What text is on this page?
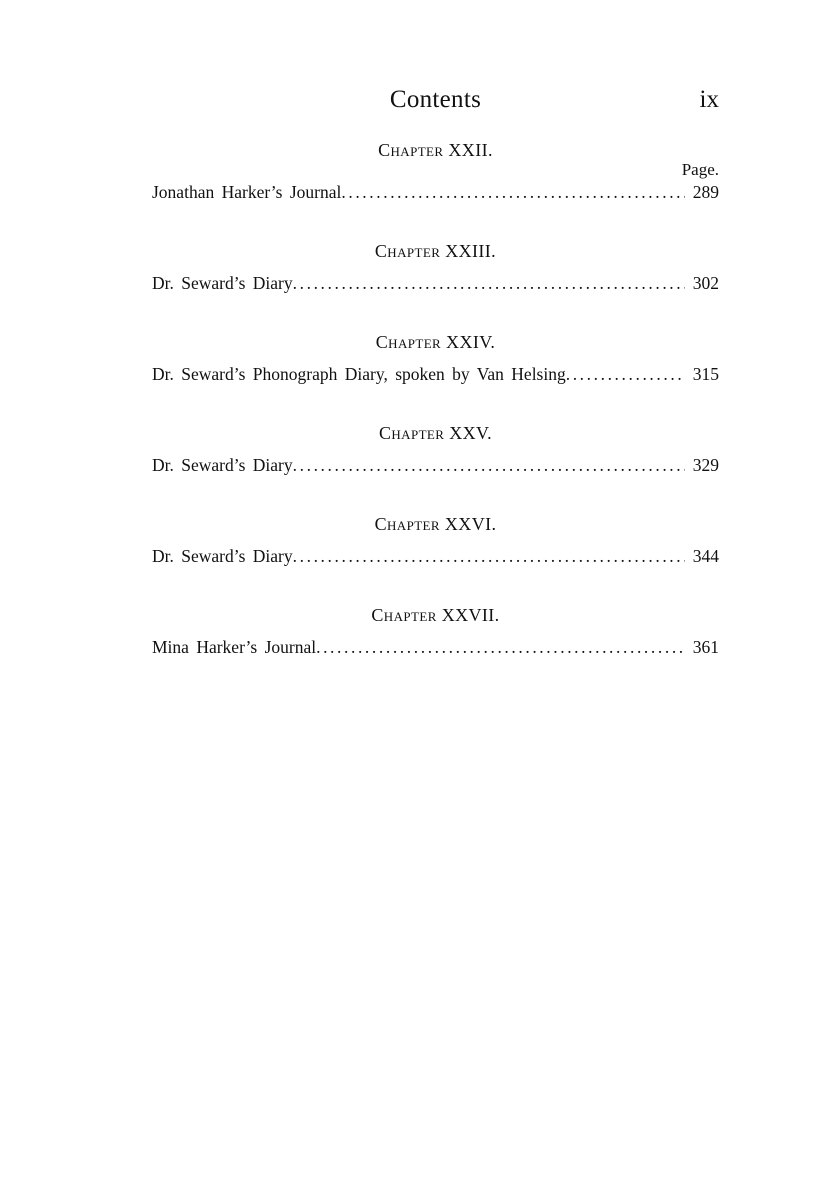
Contents	ix
Chapter XXII.
Page.
Jonathan Harker’s Journal .....	289
Chapter XXIII.
Dr. Seward’s Diary .....	302
Chapter XXIV.
Dr. Seward’s Phonograph Diary, spoken by Van Helsing .....	315
Chapter XXV.
Dr. Seward’s Diary .....	329
Chapter XXVI.
Dr. Seward’s Diary .....	344
Chapter XXVII.
Mina Harker’s Journal .....	361
